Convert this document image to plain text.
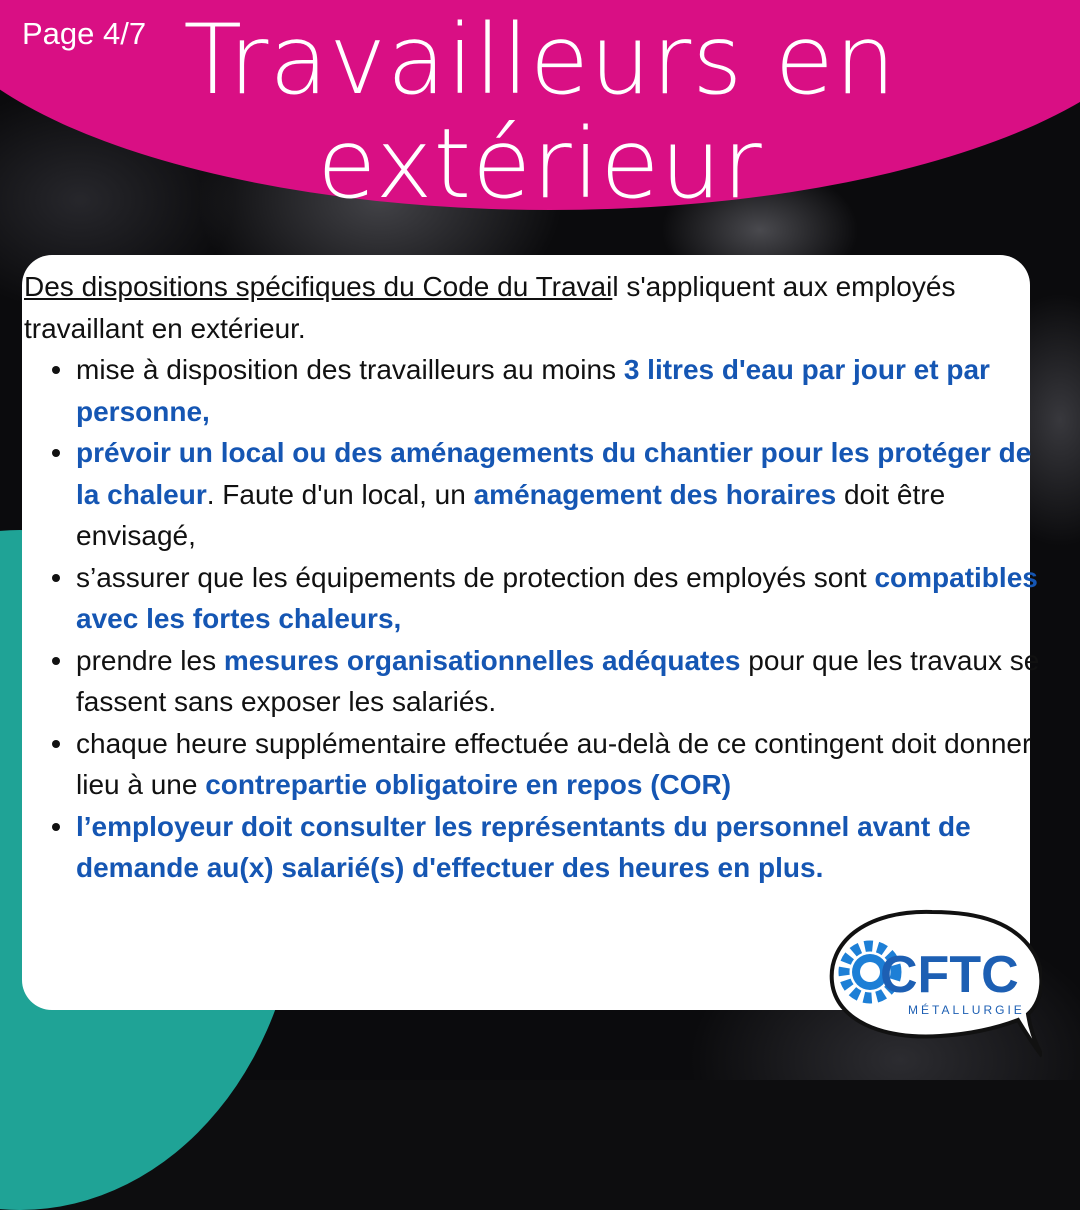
Page 4/7 Travailleurs en
extérieur
Des dispositions spécifiques du Code du Travail s'appliquent aux employés travaillant en extérieur.
mise à disposition des travailleurs au moins 3 litres d'eau par jour et par personne,
prévoir un local ou des aménagements du chantier pour les protéger de la chaleur. Faute d'un local, un aménagement des horaires doit être envisagé,
s’assurer que les équipements de protection des employés sont compatibles avec les fortes chaleurs,
prendre les mesures organisationnelles adéquates pour que les travaux se fassent sans exposer les salariés.
chaque heure supplémentaire effectuée au-delà de ce contingent doit donner lieu à une contrepartie obligatoire en repos (COR)
l’employeur doit consulter les représentants du personnel avant de demande au(x) salarié(s) d'effectuer des heures en plus.
CFTC
MÉTALLURGIE
